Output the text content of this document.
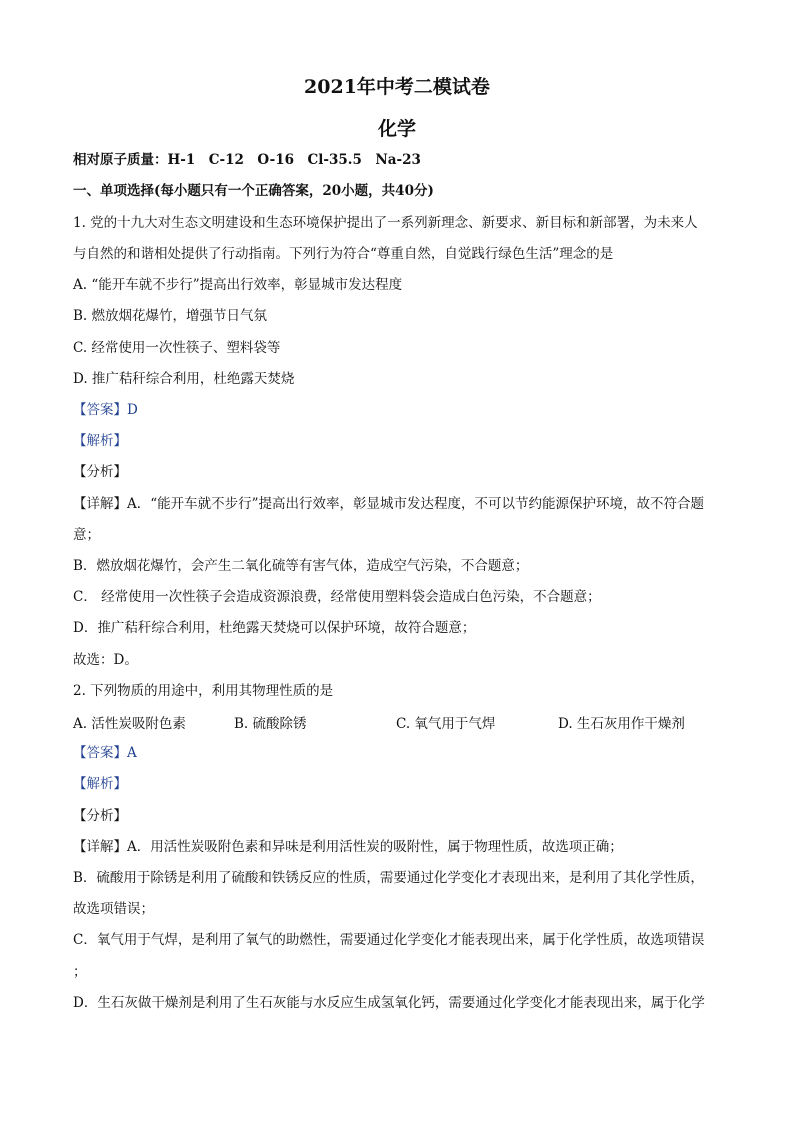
2021年中考二模试卷
化学
相对原子质量：H-1　C-12　O-16　Cl-35.5　Na-23
一、单项选择(每小题只有一个正确答案，20小题，共40分)
1. 党的十九大对生态文明建设和生态环境保护提出了一系列新理念、新要求、新目标和新部署，为未来人
与自然的和谐相处提供了行动指南。下列行为符合“尊重自然，自觉践行绿色生活”理念的是
A. “能开车就不步行”提高出行效率，彰显城市发达程度
B. 燃放烟花爆竹，增强节日气氛
C. 经常使用一次性筷子、塑料袋等
D. 推广秸秆综合利用，杜绝露天焚烧
【答案】D
【解析】
【分析】
【详解】A．“能开车就不步行”提高出行效率，彰显城市发达程度，不可以节约能源保护环境，故不符合题
意；
B．燃放烟花爆竹，会产生二氧化硫等有害气体，造成空气污染，不合题意；
C． 经常使用一次性筷子会造成资源浪费，经常使用塑料袋会造成白色污染，不合题意；
D．推广秸秆综合利用，杜绝露天焚烧可以保护环境，故符合题意；
故选：D。
2. 下列物质的用途中，利用其物理性质的是
A. 活性炭吸附色素	B. 硫酸除锈	C. 氧气用于气焊	D. 生石灰用作干燥剂
【答案】A
【解析】
【分析】
【详解】A．用活性炭吸附色素和异味是利用活性炭的吸附性，属于物理性质，故选项正确；
B．硫酸用于除锈是利用了硫酸和铁锈反应的性质，需要通过化学变化才表现出来，是利用了其化学性质，
故选项错误；
C．氧气用于气焊，是利用了氧气的助燃性，需要通过化学变化才能表现出来，属于化学性质，故选项错误
；
D．生石灰做干燥剂是利用了生石灰能与水反应生成氢氧化钙，需要通过化学变化才能表现出来，属于化学
